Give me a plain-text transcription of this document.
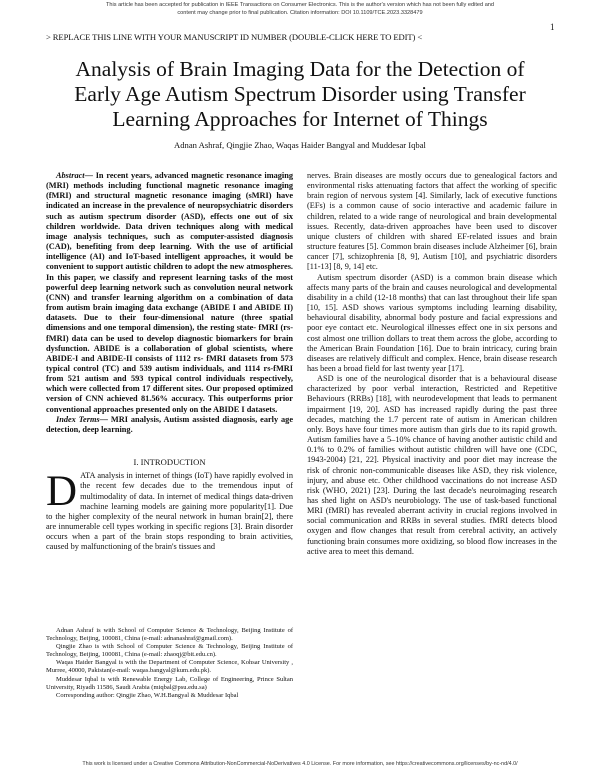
This article has been accepted for publication in IEEE Transactions on Consumer Electronics. This is the author's version which has not been fully edited and
content may change prior to final publication. Citation information: DOI 10.1109/TCE.2023.3328479
1
> REPLACE THIS LINE WITH YOUR MANUSCRIPT ID NUMBER (DOUBLE-CLICK HERE TO EDIT) <
Analysis of Brain Imaging Data for the Detection of
Early Age Autism Spectrum Disorder using Transfer
Learning Approaches for Internet of Things
Adnan Ashraf, Qingjie Zhao, Waqas Haider Bangyal and Muddesar Iqbal

Abstract— In recent years, advanced magnetic resonance imaging (MRI) methods including functional magnetic resonance imaging (fMRI) and structural magnetic resonance imaging (sMRI) have indicated an increase in the prevalence of neuropsychiatric disorders such as autism spectrum disorder (ASD), effects one out of six children worldwide. Data driven techniques along with medical image analysis techniques, such as computer-assisted diagnosis (CAD), benefiting from deep learning. With the use of artificial intelligence (AI) and IoT-based intelligent approaches, it would be convenient to support autistic children to adopt the new atmospheres. In this paper, we classify and represent learning tasks of the most powerful deep learning network such as convolution neural network (CNN) and transfer learning algorithm on a combination of data from autism brain imaging data exchange (ABIDE I and ABIDE II) datasets. Due to their four-dimensional nature (three spatial dimensions and one temporal dimension), the resting state- fMRI (rs-fMRI) data can be used to develop diagnostic biomarkers for brain dysfunction. ABIDE is a collaboration of global scientists, where ABIDE-I and ABIDE-II consists of 1112 rs- fMRI datasets from 573 typical control (TC) and 539 autism individuals, and 1114 rs-fMRI from 521 autism and 593 typical control individuals respectively, which were collected from 17 different sites. Our proposed optimized version of CNN achieved 81.56% accuracy. This outperforms prior conventional approaches presented only on the ABIDE I datasets.

Index Terms— MRI analysis, Autism assisted diagnosis, early age detection, deep learning.

I. INTRODUCTION

DATA analysis in internet of things (IoT) have rapidly evolved in the recent few decades due to the tremendous input of multimodality of data. In internet of medical things data-driven machine learning models are gaining more popularity[1]. Due to the higher complexity of the neural network in human brain[2], there are innumerable cell types working in specific regions [3]. Brain disorder occurs when a part of the brain stops responding to brain activities, caused by malfunctioning of the brain's tissues and

Adnan Ashraf is with School of Computer Science & Technology, Beijing Institute of Technology, Beijing, 100081, China (e-mail: adnanashraf@gmail.com).

Qingjie Zhao is with School of Computer Science & Technology, Beijing Institute of Technology, Beijing, 100081, China (e-mail: zhaoqj@bit.edu.cn).

Waqas Haider Bangyal is with the Department of Computer Science, Kohsar University , Murree, 40000, Pakistan(e-mail: waqas.bangyal@kum.edu.pk).

Muddesar Iqbal is with Renewable Energy Lab, College of Engineering, Prince Sultan University, Riyadh 11586, Saudi Arabia (miqbal@psu.edu.sa)

Corresponding author: Qingjie Zhao, W.H.Bangyal & Muddesar Iqbal

nerves. Brain diseases are mostly occurs due to genealogical factors and environmental risks attenuating factors that affect the working of specific brain region of nervous system [4]. Similarly, lack of executive functions (EFs) is a common cause of socio interactive and academic failure in children, related to a wide range of neurological and brain developmental issues. Recently, data-driven approaches have been used to discover unique clusters of children with shared EF-related issues and brain structure features [5]. Common brain diseases include Alzheimer [6], brain cancer [7], schizophrenia [8, 9], Autism [10], and psychiatric disorders [11-13] [8, 9, 14] etc.

Autism spectrum disorder (ASD) is a common brain disease which affects many parts of the brain and causes neurological and developmental disability in a child (12-18 months) that can last throughout their life span [10, 15]. ASD shows various symptoms including learning disability, behavioural disability, abnormal body posture and facial expressions and poor eye contact etc. Neurological illnesses effect one in six persons and cost almost one trillion dollars to treat them across the globe, according to the American Brain Foundation [16]. Due to brain intricacy, curing brain diseases are relatively difficult and complex. Hence, brain disease research has been a broad field for last twenty year [17].

ASD is one of the neurological disorder that is a behavioural disease characterized by poor verbal interaction, Restricted and Repetitive Behaviours (RRBs) [18], with neurodevelopment that leads to permanent impairment [19, 20]. ASD has increased rapidly during the past three decades, matching the 1.7 percent rate of autism in American children only. Boys have four times more autism than girls due to its rapid growth. Autism families have a 5–10% chance of having another autistic child and 0.1% to 0.2% of families without autistic children will have one (CDC, 1943-2004) [21, 22]. Physical inactivity and poor diet may increase the risk of chronic non-communicable diseases like ASD, they risk violence, injury, and abuse etc. Other childhood vaccinations do not increase ASD risk (WHO, 2021) [23]. During the last decade's neuroimaging research has shed light on ASD's neurobiology. The use of task-based functional MRI (fMRI) has revealed aberrant activity in crucial regions involved in social communication and RRBs in several studies. fMRI detects blood oxygen and flow changes that result from cerebral activity, an actively functioning brain consumes more oxidizing, so blood flow increases in the active area to meet this demand.

This work is licensed under a Creative Commons Attribution-NonCommercial-NoDerivatives 4.0 License. For more information, see https://creativecommons.org/licenses/by-nc-nd/4.0/
